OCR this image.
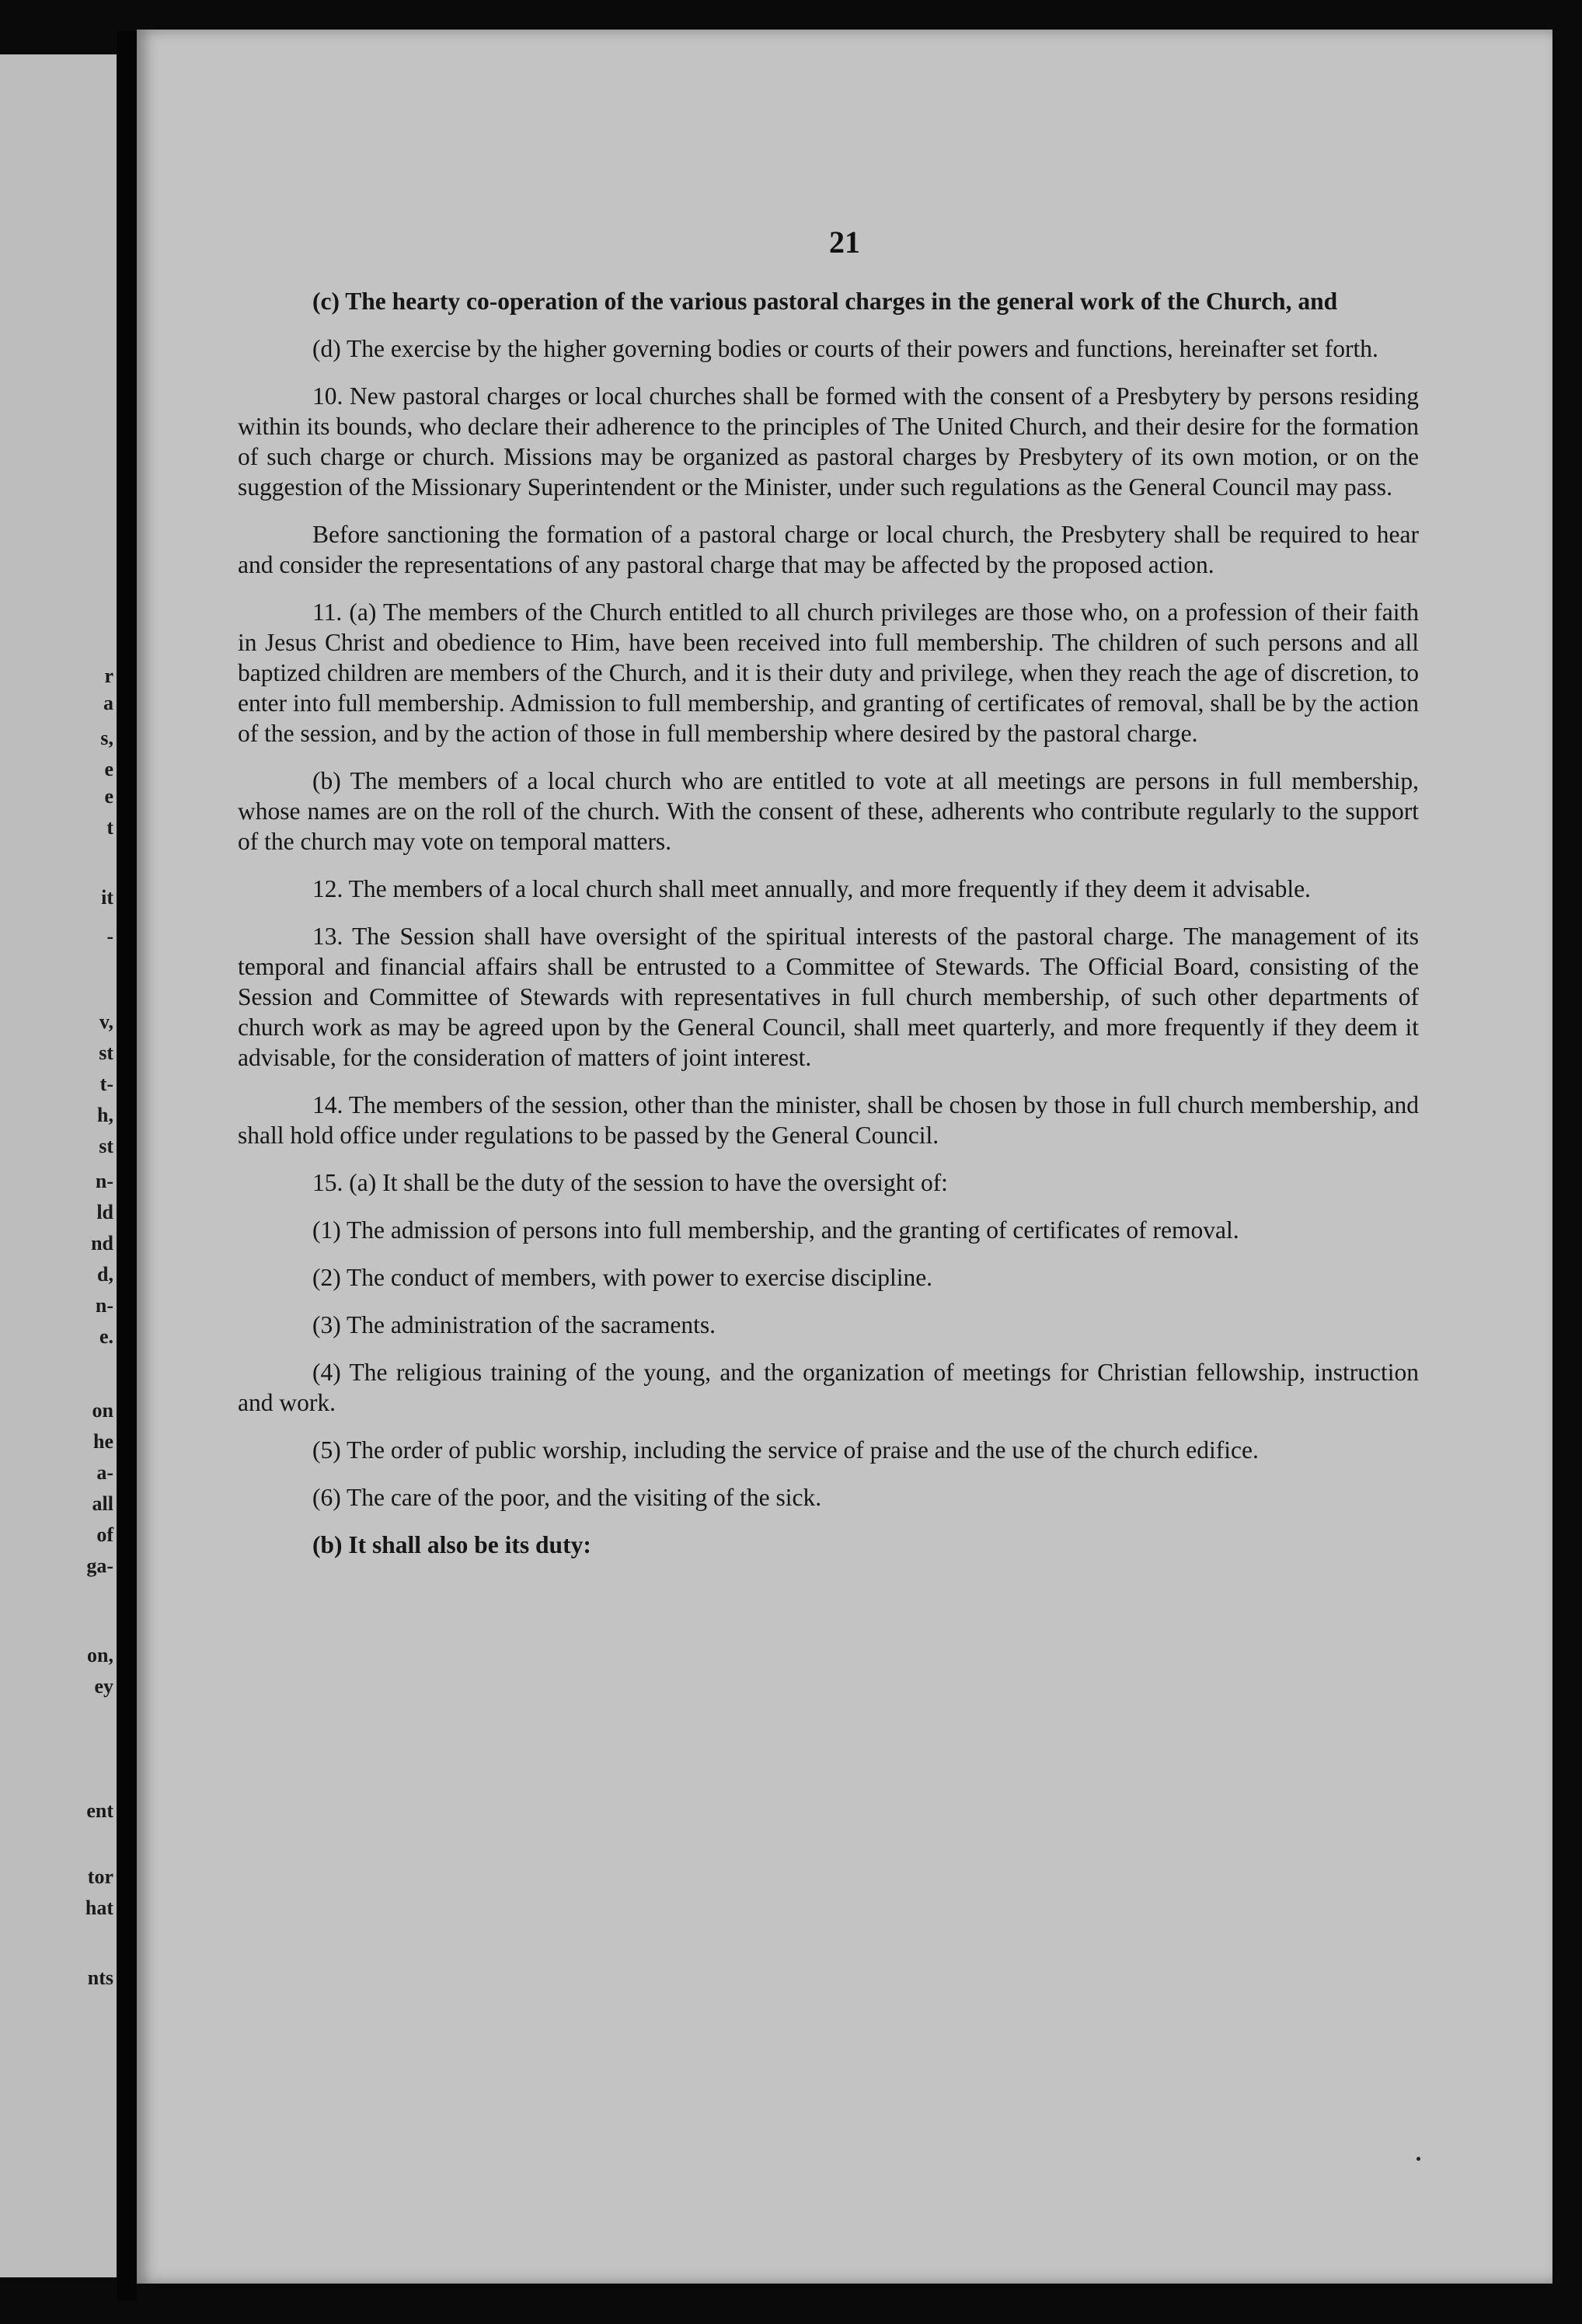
r
a
s,
e
e
t
it
-
v,
st
t-
h,
st
n-
ld
nd
d,
n-
e.
on
he
a-
all
of
ga-
on,
ey
ent
tor
hat
nts
21

(c) The hearty co-operation of the various pastoral charges in the general work of the Church, and

(d) The exercise by the higher governing bodies or courts of their powers and functions, hereinafter set forth.

10. New pastoral charges or local churches shall be formed with the consent of a Presbytery by persons residing within its bounds, who declare their adherence to the principles of The United Church, and their desire for the formation of such charge or church. Missions may be organized as pastoral charges by Presbytery of its own motion, or on the suggestion of the Missionary Superintendent or the Minister, under such regulations as the General Council may pass.

Before sanctioning the formation of a pastoral charge or local church, the Presbytery shall be required to hear and consider the representations of any pastoral charge that may be affected by the proposed action.

11. (a) The members of the Church entitled to all church privileges are those who, on a profession of their faith in Jesus Christ and obedience to Him, have been received into full membership. The children of such persons and all baptized children are members of the Church, and it is their duty and privilege, when they reach the age of discretion, to enter into full membership. Admission to full membership, and granting of certificates of removal, shall be by the action of the session, and by the action of those in full membership where desired by the pastoral charge.

(b) The members of a local church who are entitled to vote at all meetings are persons in full membership, whose names are on the roll of the church. With the consent of these, adherents who contribute regularly to the support of the church may vote on temporal matters.

12. The members of a local church shall meet annually, and more frequently if they deem it advisable.

13. The Session shall have oversight of the spiritual interests of the pastoral charge. The management of its temporal and financial affairs shall be entrusted to a Committee of Stewards. The Official Board, consisting of the Session and Committee of Stewards with representatives in full church membership, of such other departments of church work as may be agreed upon by the General Council, shall meet quarterly, and more frequently if they deem it advisable, for the consideration of matters of joint interest.

14. The members of the session, other than the minister, shall be chosen by those in full church membership, and shall hold office under regulations to be passed by the General Council.

15. (a) It shall be the duty of the session to have the oversight of:

(1) The admission of persons into full membership, and the granting of certificates of removal.

(2) The conduct of members, with power to exercise discipline.

(3) The administration of the sacraments.

(4) The religious training of the young, and the organization of meetings for Christian fellowship, instruction and work.

(5) The order of public worship, including the service of praise and the use of the church edifice.

(6) The care of the poor, and the visiting of the sick.

(b) It shall also be its duty:
